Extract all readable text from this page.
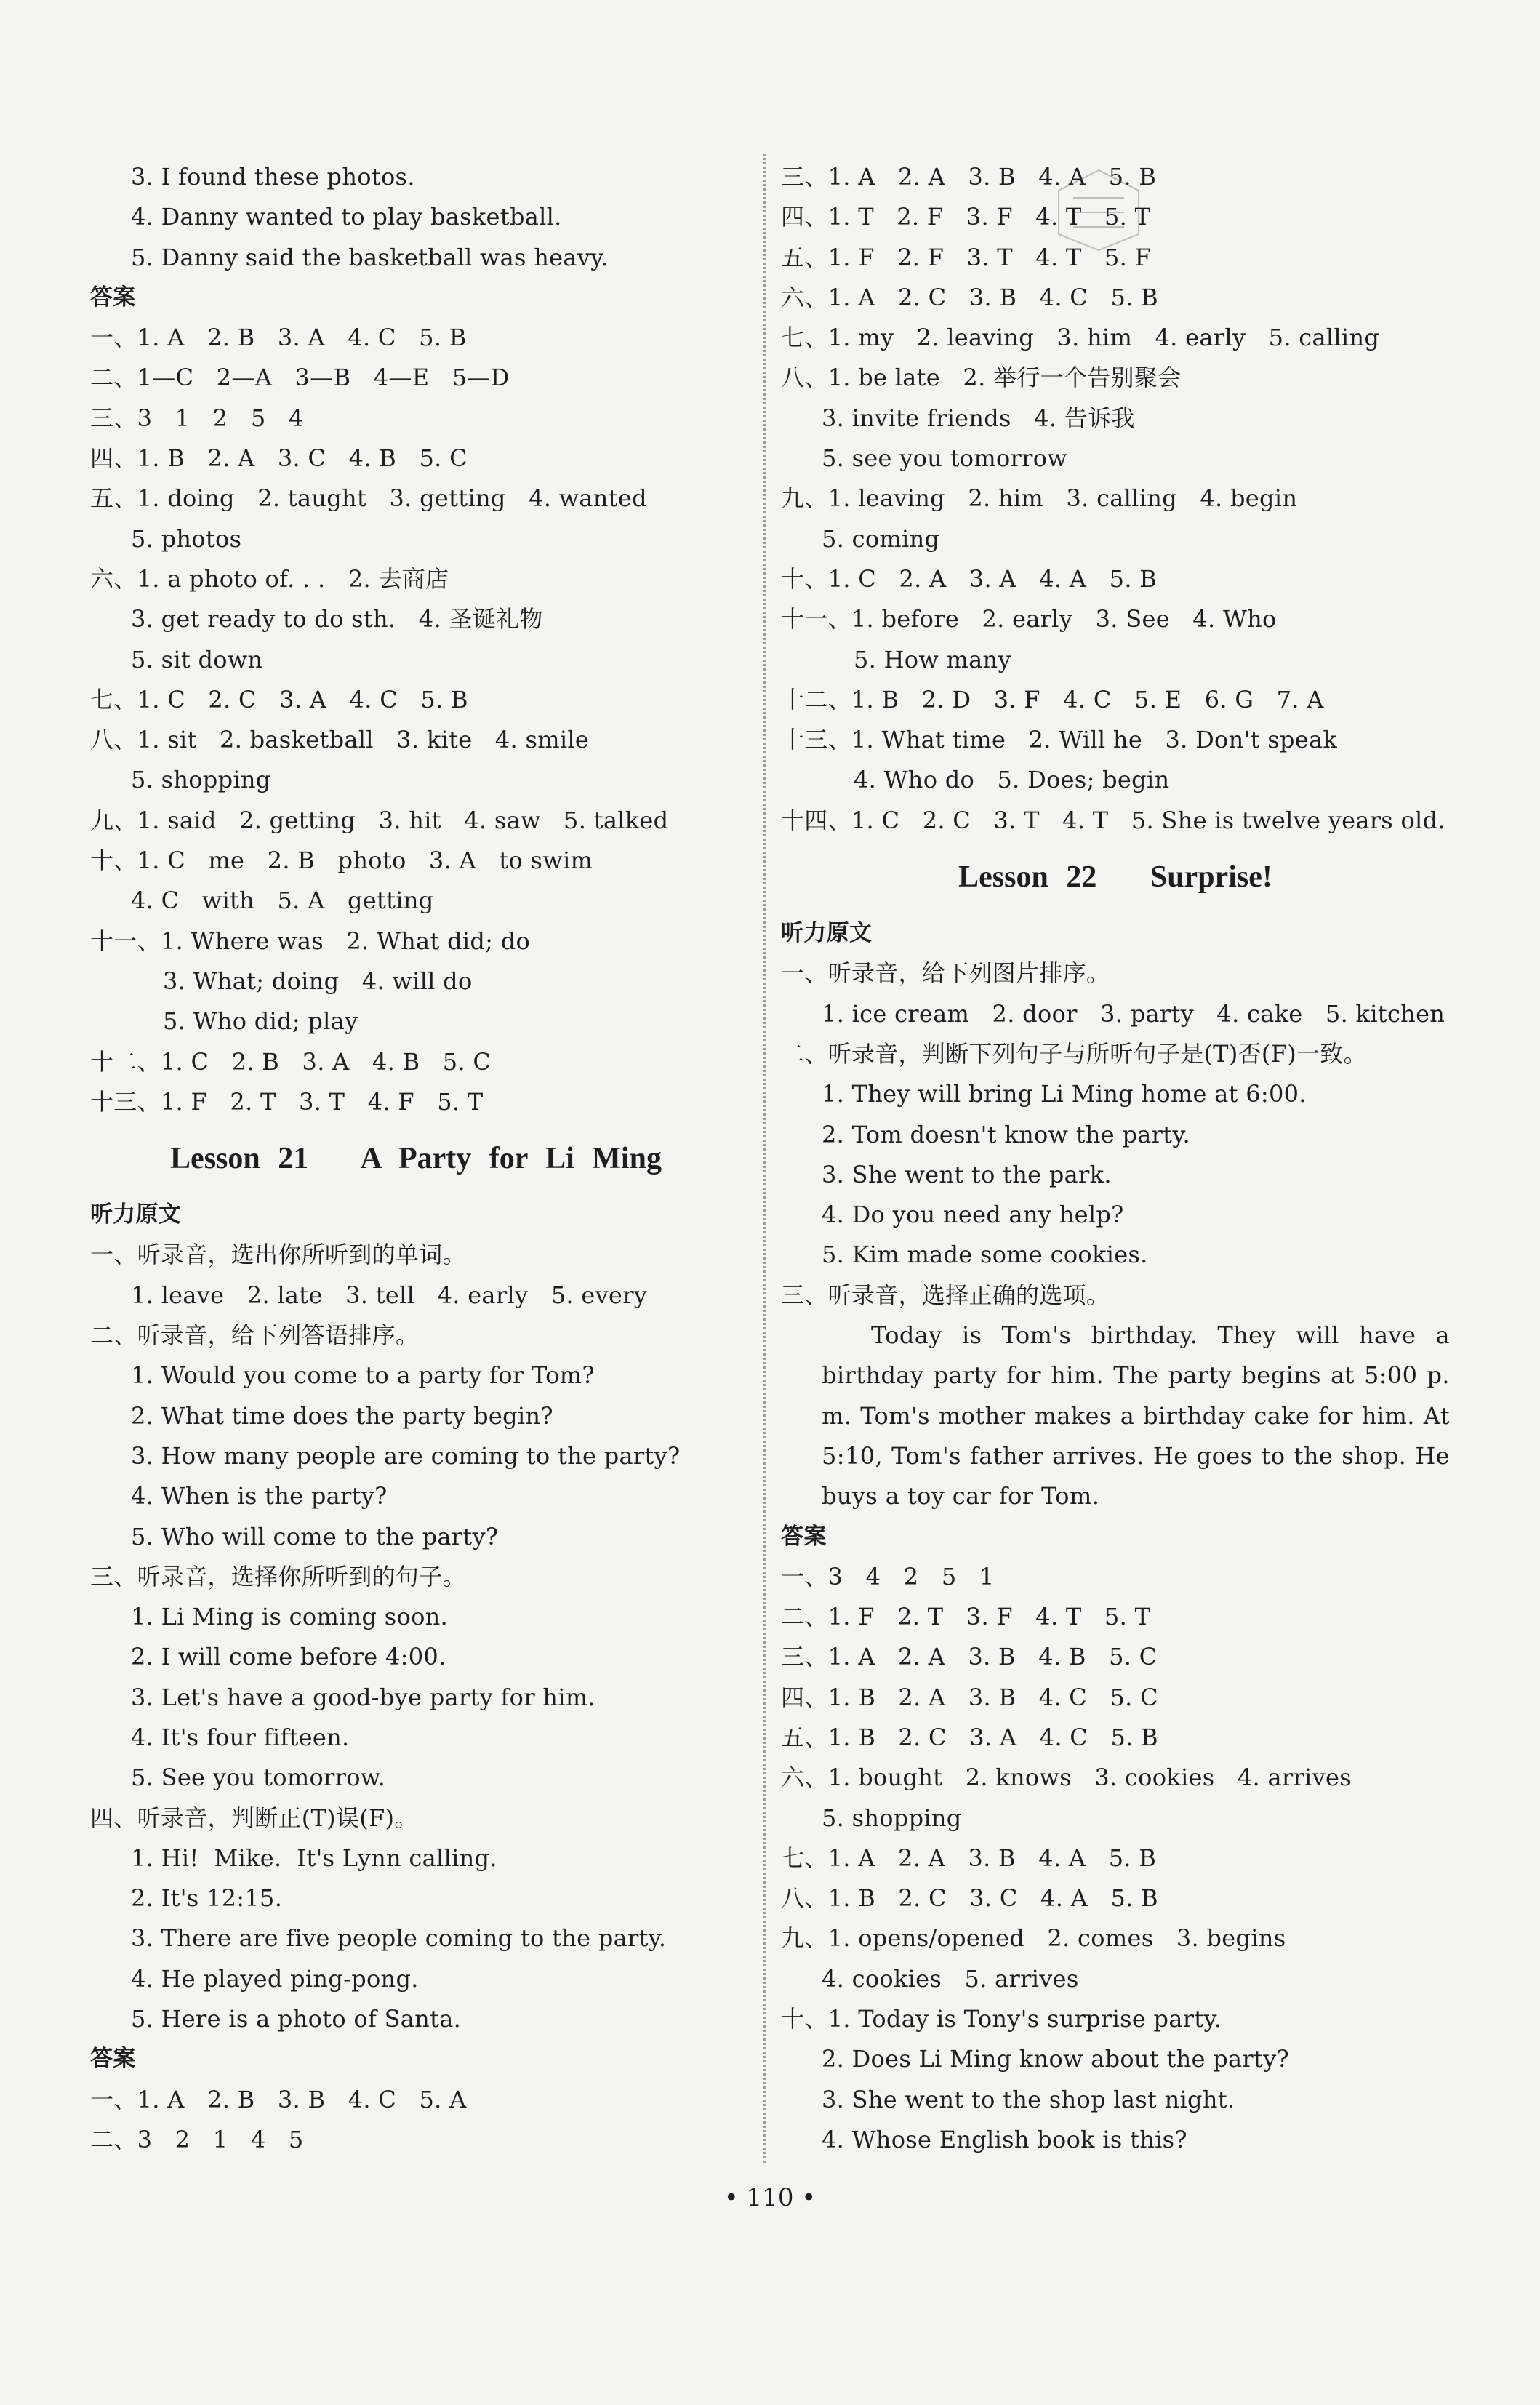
3. I found these photos.
4. Danny wanted to play basketball.
5. Danny said the basketball was heavy.
答案
一、1. A   2. B   3. A   4. C   5. B
二、1—C   2—A   3—B   4—E   5—D
三、3   1   2   5   4
四、1. B   2. A   3. C   4. B   5. C
五、1. doing   2. taught   3. getting   4. wanted
5. photos
六、1. a photo of. . .   2. 去商店
3. get ready to do sth.   4. 圣诞礼物
5. sit down
七、1. C   2. C   3. A   4. C   5. B
八、1. sit   2. basketball   3. kite   4. smile
5. shopping
九、1. said   2. getting   3. hit   4. saw   5. talked
十、1. C   me   2. B   photo   3. A   to swim
4. C   with   5. A   getting
十一、1. Where was   2. What did; do
3. What; doing   4. will do
5. Who did; play
十二、1. C   2. B   3. A   4. B   5. C
十三、1. F   2. T   3. T   4. F   5. T
Lesson 21   A Party for Li Ming
听力原文
一、听录音，选出你所听到的单词。
1. leave   2. late   3. tell   4. early   5. every
二、听录音，给下列答语排序。
1. Would you come to a party for Tom?
2. What time does the party begin?
3. How many people are coming to the party?
4. When is the party?
5. Who will come to the party?
三、听录音，选择你所听到的句子。
1. Li Ming is coming soon.
2. I will come before 4:00.
3. Let's have a good-bye party for him.
4. It's four fifteen.
5. See you tomorrow.
四、听录音，判断正(T)误(F)。
1. Hi!  Mike.  It's Lynn calling.
2. It's 12:15.
3. There are five people coming to the party.
4. He played ping-pong.
5. Here is a photo of Santa.
答案
一、1. A   2. B   3. B   4. C   5. A
二、3   2   1   4   5
三、1. A   2. A   3. B   4. A   5. B
四、1. T   2. F   3. F   4. T   5. T
五、1. F   2. F   3. T   4. T   5. F
六、1. A   2. C   3. B   4. C   5. B
七、1. my   2. leaving   3. him   4. early   5. calling
八、1. be late   2. 举行一个告别聚会
3. invite friends   4. 告诉我
5. see you tomorrow
九、1. leaving   2. him   3. calling   4. begin
5. coming
十、1. C   2. A   3. A   4. A   5. B
十一、1. before   2. early   3. See   4. Who
5. How many
十二、1. B   2. D   3. F   4. C   5. E   6. G   7. A
十三、1. What time   2. Will he   3. Don't speak
4. Who do   5. Does; begin
十四、1. C   2. C   3. T   4. T   5. She is twelve years old.
Lesson 22   Surprise!
听力原文
一、听录音，给下列图片排序。
1. ice cream   2. door   3. party   4. cake   5. kitchen
二、听录音，判断下列句子与所听句子是(T)否(F)一致。
1. They will bring Li Ming home at 6:00.
2. Tom doesn't know the party.
3. She went to the park.
4. Do you need any help?
5. Kim made some cookies.
三、听录音，选择正确的选项。
Today is Tom's birthday. They will have a birthday party for him. The party begins at 5:00 p. m. Tom's mother makes a birthday cake for him. At 5:10, Tom's father arrives. He goes to the shop. He buys a toy car for Tom.
答案
一、3   4   2   5   1
二、1. F   2. T   3. F   4. T   5. T
三、1. A   2. A   3. B   4. B   5. C
四、1. B   2. A   3. B   4. C   5. C
五、1. B   2. C   3. A   4. C   5. B
六、1. bought   2. knows   3. cookies   4. arrives
5. shopping
七、1. A   2. A   3. B   4. A   5. B
八、1. B   2. C   3. C   4. A   5. B
九、1. opens/opened   2. comes   3. begins
4. cookies   5. arrives
十、1. Today is Tony's surprise party.
2. Does Li Ming know about the party?
3. She went to the shop last night.
4. Whose English book is this?
• 110 •
